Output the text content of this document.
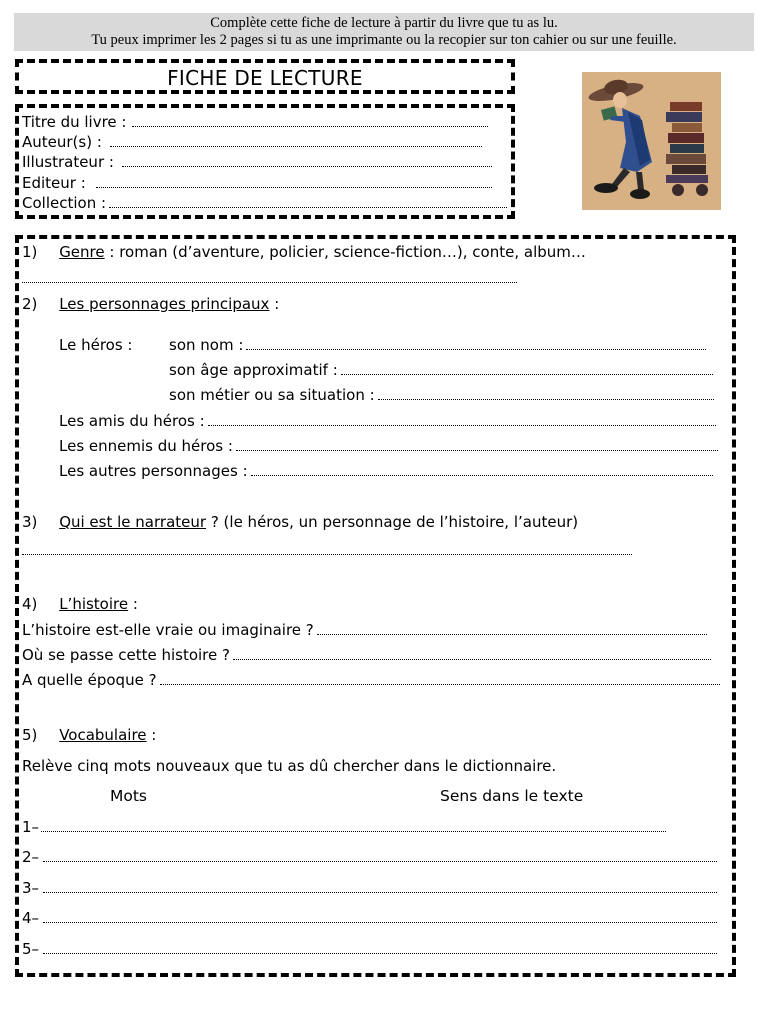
Complète cette fiche de lecture à partir du livre que tu as lu.
Tu peux imprimer les 2 pages si tu as une imprimante ou la recopier sur ton cahier ou sur une feuille.
FICHE DE LECTURE
Titre du livre :
Auteur(s) :
Illustrateur :
Editeur :
Collection :
1) Genre : roman (d’aventure, policier, science-fiction…), conte, album…
2) Les personnages principaux :
Le héros : son nom :
son âge approximatif :
son métier ou sa situation :
Les amis du héros :
Les ennemis du héros :
Les autres personnages :
3) Qui est le narrateur ? (le héros, un personnage de l’histoire, l’auteur)
4) L’histoire :
L’histoire est-elle vraie ou imaginaire ?
Où se passe cette histoire ?
A quelle époque ?
5) Vocabulaire :
Relève cinq mots nouveaux que tu as dû chercher dans le dictionnaire.
Mots	Sens dans le texte
1–
2–
3–
4–
5–
